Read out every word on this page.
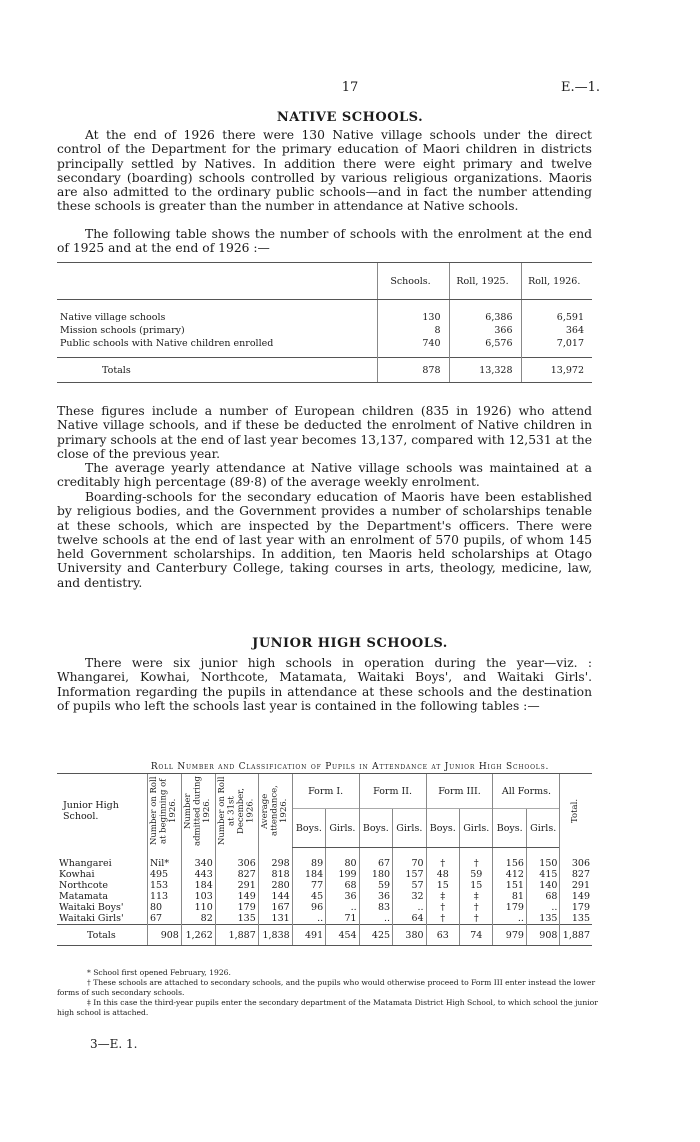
17	E.—1.
NATIVE SCHOOLS.

At the end of 1926 there were 130 Native village schools under the direct control of the Department for the primary education of Maori children in districts principally settled by Natives. In addition there were eight primary and twelve secondary (boarding) schools controlled by various religious organizations. Maoris are also admitted to the ordinary public schools—and in fact the number attending these schools is greater than the number in attendance at Native schools.

The following table shows the number of schools with the enrolment at the end of 1925 and at the end of 1926 :—

	Schools.	Roll, 1925.	Roll, 1926.
Native village schools	130	6,386	6,591
Mission schools (primary)	8	366	364
Public schools with Native children enrolled	740	6,576	7,017
Totals	878	13,328	13,972

These figures include a number of European children (835 in 1926) who attend Native village schools, and if these be deducted the enrolment of Native children in primary schools at the end of last year becomes 13,137, compared with 12,531 at the close of the previous year.

The average yearly attendance at Native village schools was maintained at a creditably high percentage (89·8) of the average weekly enrolment.

Boarding-schools for the secondary education of Maoris have been established by religious bodies, and the Government provides a number of scholarships tenable at these schools, which are inspected by the Department's officers. There were twelve schools at the end of last year with an enrolment of 570 pupils, of whom 145 held Government scholarships. In addition, ten Maoris held scholarships at Otago University and Canterbury College, taking courses in arts, theology, medicine, law, and dentistry.

JUNIOR HIGH SCHOOLS.

There were six junior high schools in operation during the year—viz. : Whangarei, Kowhai, Northcote, Matamata, Waitaki Boys', and Waitaki Girls'. Information regarding the pupils in attendance at these schools and the destination of pupils who left the schools last year is contained in the following tables :—

Roll Number and Classification of Pupils in Attendance at Junior High Schools.
Junior High School.	Number on Roll at beginning of 1926.	Number admitted during 1926.	Number on Roll at 31st December, 1926.	Average attendance, 1926.	Form I.		Form II.		Form III.		All Forms.		Total.

					Boys.	Girls.	Boys.	Girls.	Boys.	Girls.	Boys.	Girls.	
Whangarei	Nil*	340	306	298	89	80	67	70	†	†	156	150	306
Kowhai	495	443	827	818	184	199	180	157	48	59	412	415	827
Northcote	153	184	291	280	77	68	59	57	15	15	151	140	291
Matamata	113	103	149	144	45	36	36	32	‡	‡	81	68	149
Waitaki Boys'	80	110	179	167	96	..	83	..	†	†	179	..	179
Waitaki Girls'	67	82	135	131	..	71	..	64	†	†	..	135	135
Totals	908	1,262	1,887	1,838	491	454	425	380	63	74	979	908	1,887

* School first opened February, 1926.

† These schools are attached to secondary schools, and the pupils who would otherwise proceed to Form III enter instead the lower forms of such secondary schools.

‡ In this case the third-year pupils enter the secondary department of the Matamata District High School, to which school the junior high school is attached.

3—E. 1.
